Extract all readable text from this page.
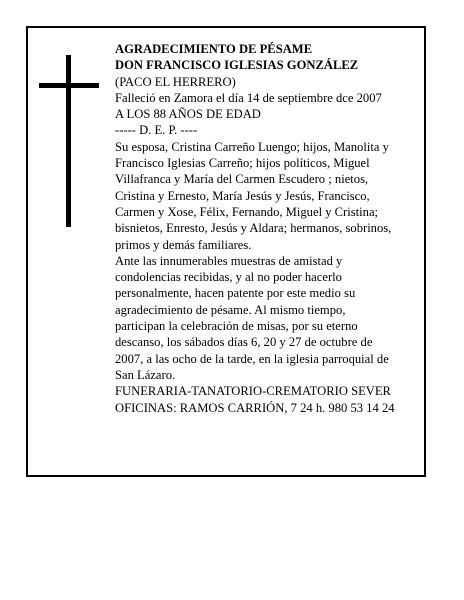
AGRADECIMIENTO DE PÉSAME
DON FRANCISCO IGLESIAS GONZÁLEZ
(PACO EL HERRERO)
Falleció en Zamora el día 14 de septiembre dce 2007
A LOS 88 AÑOS DE EDAD
----- D. E. P. ----
Su esposa, Cristina Carreño Luengo; hijos, Manolita y
Francisco Iglesias Carreño; hijos políticos, Miguel
Villafranca y María del Carmen Escudero ; nietos,
Cristina y Ernesto, María Jesús y Jesús, Francisco,
Carmen y Xose, Félix, Fernando, Miguel y Cristina;
bisnietos, Enresto, Jesús y Aldara; hermanos, sobrinos,
primos y demás familiares.
Ante las innumerables muestras de amistad y
condolencias recibidas, y al no poder hacerlo
personalmente, hacen patente por este medio su
agradecimiento de pésame. Al mismo tiempo,
participan la celebración de misas, por su eterno
descanso, los sábados días 6, 20 y 27 de octubre de
2007, a las ocho de la tarde, en la iglesia parroquial de
San Lázaro.
FUNERARIA-TANATORIO-CREMATORIO SEVER
OFICINAS: RAMOS CARRIÓN, 7 24 h. 980 53 14 24
